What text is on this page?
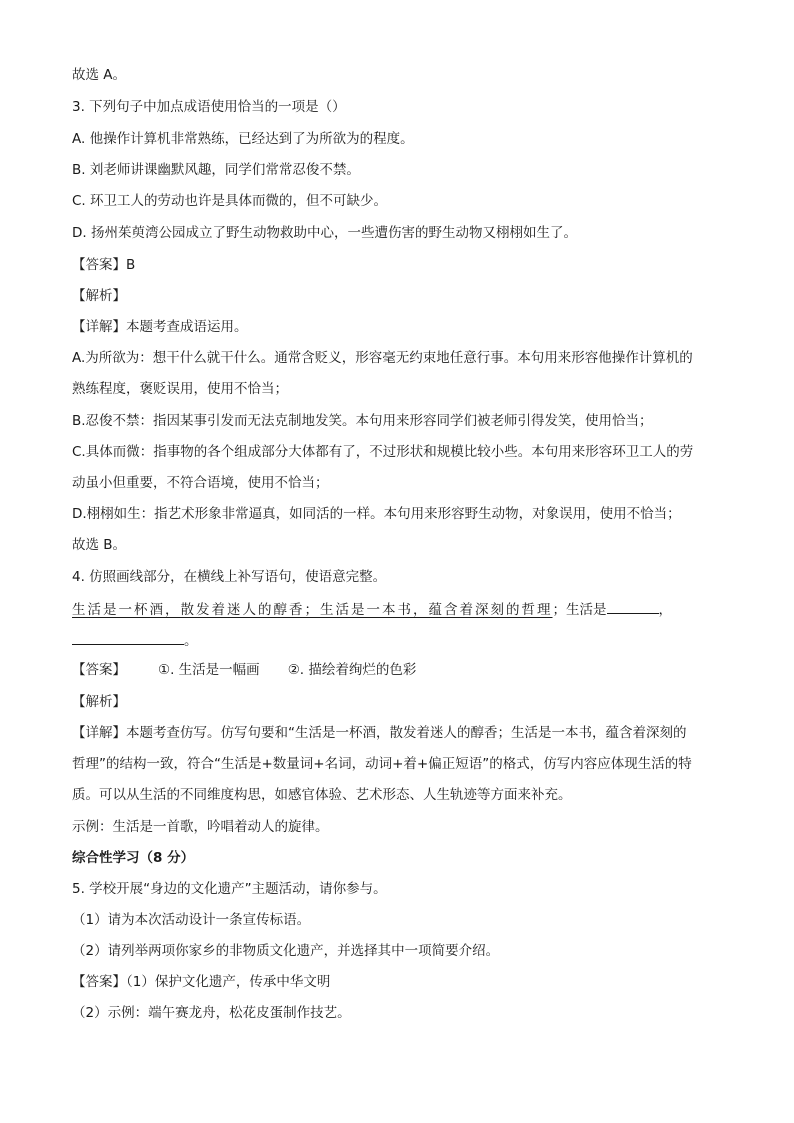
故选 A。
3. 下列句子中加点成语使用恰当的一项是（）
A. 他操作计算机非常熟练，已经达到了为所欲为的程度。
B. 刘老师讲课幽默风趣，同学们常常忍俊不禁。
C. 环卫工人的劳动也许是具体而微的，但不可缺少。
D. 扬州茱萸湾公园成立了野生动物救助中心，一些遭伤害的野生动物又栩栩如生了。
【答案】B
【解析】
【详解】本题考查成语运用。
A.为所欲为：想干什么就干什么。通常含贬义，形容毫无约束地任意行事。本句用来形容他操作计算机的
熟练程度，褒贬误用，使用不恰当；
B.忍俊不禁：指因某事引发而无法克制地发笑。本句用来形容同学们被老师引得发笑，使用恰当；
C.具体而微：指事物的各个组成部分大体都有了，不过形状和规模比较小些。本句用来形容环卫工人的劳
动虽小但重要，不符合语境，使用不恰当；
D.栩栩如生：指艺术形象非常逼真，如同活的一样。本句用来形容野生动物，对象误用，使用不恰当；
故选 B。
4. 仿照画线部分，在横线上补写语句，使语意完整。
生活是一杯酒，散发着迷人的醇香；生活是一本书，蕴含着深刻的哲理；生活是	，
。
【答案】 ①. 生活是一幅画 ②. 描绘着绚烂的色彩
【解析】
【详解】本题考查仿写。仿写句要和“生活是一杯酒，散发着迷人的醇香；生活是一本书，蕴含着深刻的
哲理”的结构一致，符合“生活是+数量词+名词，动词+着+偏正短语”的格式，仿写内容应体现生活的特
质。可以从生活的不同维度构思，如感官体验、艺术形态、人生轨迹等方面来补充。
示例：生活是一首歌，吟唱着动人的旋律。
综合性学习（8 分）
5. 学校开展“身边的文化遗产”主题活动，请你参与。
（1）请为本次活动设计一条宣传标语。
（2）请列举两项你家乡的非物质文化遗产，并选择其中一项简要介绍。
【答案】（1）保护文化遗产，传承中华文明
（2）示例：端午赛龙舟，松花皮蛋制作技艺。
